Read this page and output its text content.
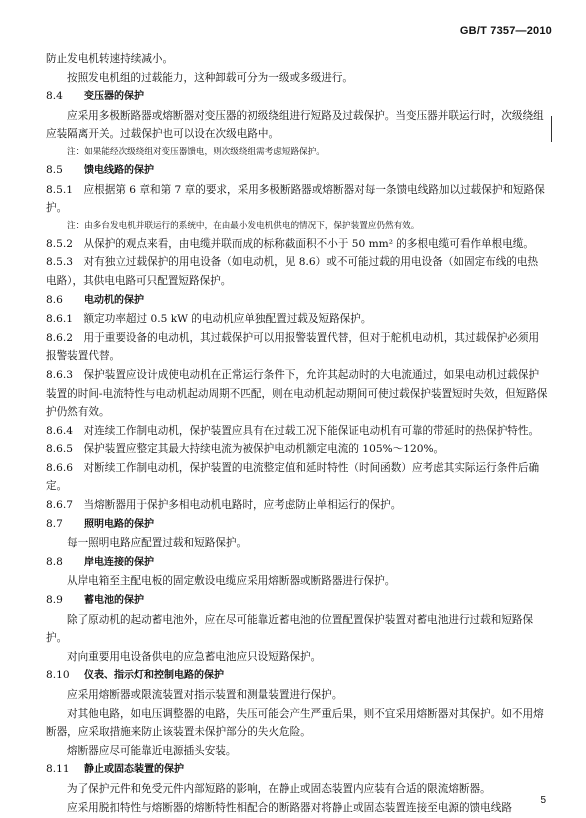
GB/T 7357—2010

防止发电机转速持续减小。

按照发电机组的过载能力，这种卸载可分为一级或多级进行。

8.4 变压器的保护

应采用多极断路器或熔断器对变压器的初级绕组进行短路及过载保护。当变压器并联运行时，次级绕组应装隔离开关。过载保护也可以设在次级电路中。

注：如果能经次级绕组对变压器馈电，则次级绕组需考虑短路保护。

8.5 馈电线路的保护

8.5.1　应根据第 6 章和第 7 章的要求，采用多极断路器或熔断器对每一条馈电线路加以过载保护和短路保护。

注：由多台发电机并联运行的系统中，在由最小发电机供电的情况下，保护装置应仍然有效。

8.5.2　从保护的观点来看，由电缆并联而成的标称截面积不小于 50 mm² 的多根电缆可看作单根电缆。

8.5.3　对有独立过载保护的用电设备（如电动机，见 8.6）或不可能过载的用电设备（如固定布线的电热电路），其供电电路可只配置短路保护。

8.6 电动机的保护

8.6.1　额定功率超过 0.5 kW 的电动机应单独配置过载及短路保护。

8.6.2　用于重要设备的电动机，其过载保护可以用报警装置代替，但对于舵机电动机，其过载保护必须用报警装置代替。

8.6.3　保护装置应设计成使电动机在正常运行条件下，允许其起动时的大电流通过，如果电动机过载保护装置的时间-电流特性与电动机起动周期不匹配，则在电动机起动期间可使过载保护装置短时失效，但短路保护仍然有效。

8.6.4　对连续工作制电动机，保护装置应具有在过载工况下能保证电动机有可靠的带延时的热保护特性。

8.6.5　保护装置应整定其最大持续电流为被保护电动机额定电流的 105%～120%。

8.6.6　对断续工作制电动机，保护装置的电流整定值和延时特性（时间函数）应考虑其实际运行条件后确定。

8.6.7　当熔断器用于保护多相电动机电路时，应考虑防止单相运行的保护。

8.7 照明电路的保护

每一照明电路应配置过载和短路保护。

8.8 岸电连接的保护

从岸电箱至主配电板的固定敷设电缆应采用熔断器或断路器进行保护。

8.9 蓄电池的保护

除了原动机的起动蓄电池外，应在尽可能靠近蓄电池的位置配置保护装置对蓄电池进行过载和短路保护。

对向重要用电设备供电的应急蓄电池应只设短路保护。

8.10 仪表、指示灯和控制电路的保护

应采用熔断器或限流装置对指示装置和测量装置进行保护。

对其他电路，如电压调整器的电路，失压可能会产生严重后果，则不宜采用熔断器对其保护。如不用熔断器，应采取措施来防止该装置未保护部分的失火危险。

熔断器应尽可能靠近电源插头安装。

8.11 静止或固态装置的保护

为了保护元件和免受元件内部短路的影响，在静止或固态装置内应装有合适的限流熔断器。

应采用脱扣特性与熔断器的熔断特性相配合的断路器对将静止或固态装置连接至电源的馈电线路

5
